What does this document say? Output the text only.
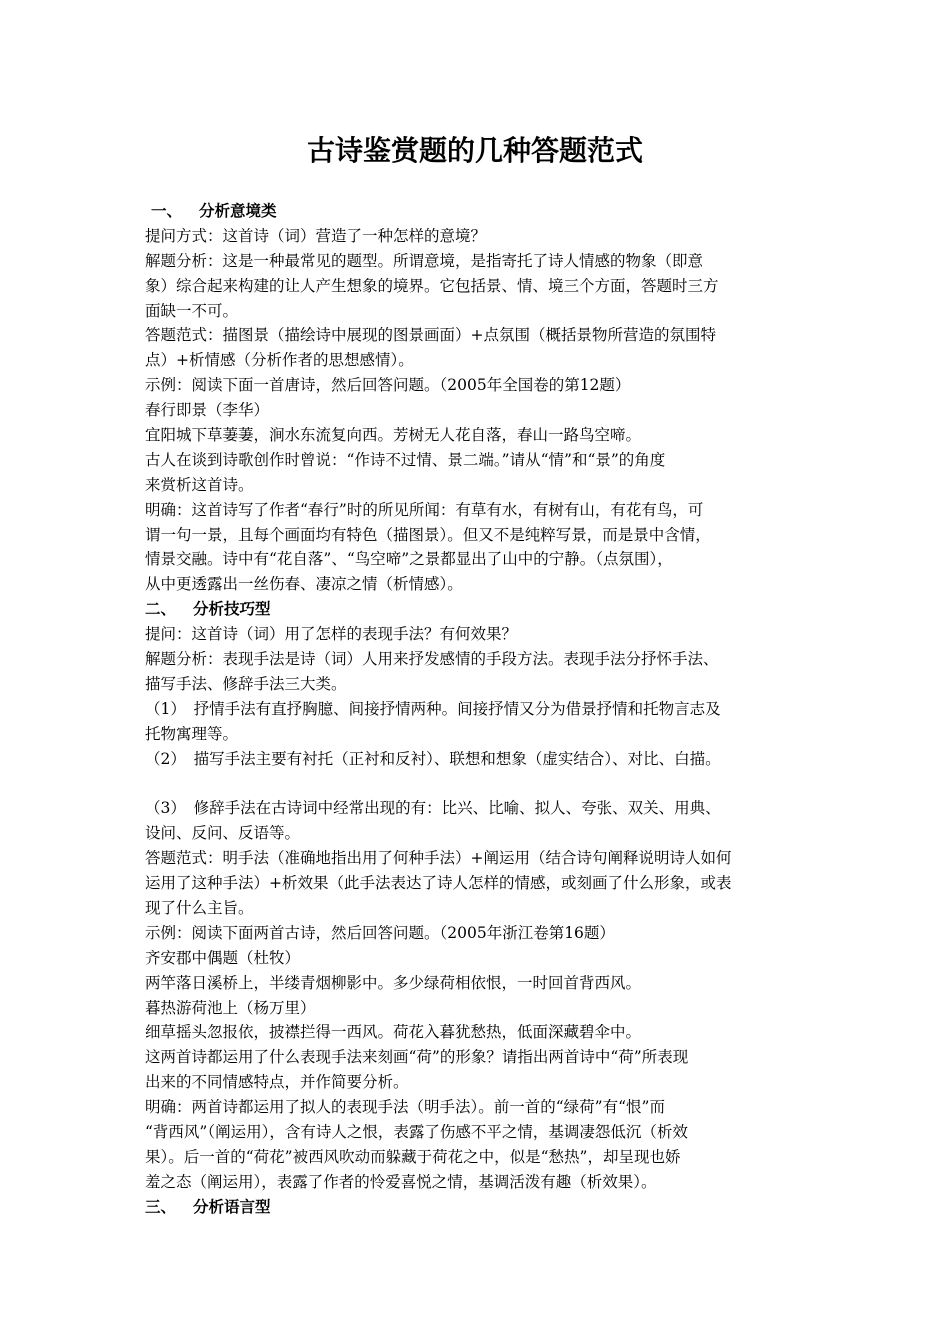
古诗鉴赏题的几种答题范式
一、 分析意境类
提问方式：这首诗（词）营造了一种怎样的意境？
解题分析：这是一种最常见的题型。所谓意境，是指寄托了诗人情感的物象（即意
象）综合起来构建的让人产生想象的境界。它包括景、情、境三个方面，答题时三方
面缺一不可。
答题范式：描图景（描绘诗中展现的图景画面）+点氛围（概括景物所营造的氛围特
点）+析情感（分析作者的思想感情）。
示例：阅读下面一首唐诗，然后回答问题。（2005年全国卷的第12题）
春行即景（李华）
宜阳城下草萋萋，涧水东流复向西。芳树无人花自落，春山一路鸟空啼。
古人在谈到诗歌创作时曾说：“作诗不过情、景二端。”请从“情”和“景”的角度
来赏析这首诗。
明确：这首诗写了作者“春行”时的所见所闻：有草有水，有树有山，有花有鸟，可
谓一句一景，且每个画面均有特色（描图景）。但又不是纯粹写景，而是景中含情，
情景交融。诗中有“花自落”、“鸟空啼”之景都显出了山中的宁静。（点氛围），
从中更透露出一丝伤春、凄凉之情（析情感）。
二、 分析技巧型
提问：这首诗（词）用了怎样的表现手法？有何效果？
解题分析：表现手法是诗（词）人用来抒发感情的手段方法。表现手法分抒怀手法、
描写手法、修辞手法三大类。
（1）　抒情手法有直抒胸臆、间接抒情两种。间接抒情又分为借景抒情和托物言志及
托物寓理等。
（2）　描写手法主要有衬托（正衬和反衬）、联想和想象（虚实结合）、对比、白描。
（3）　修辞手法在古诗词中经常出现的有：比兴、比喻、拟人、夸张、双关、用典、
设问、反问、反语等。
答题范式：明手法（准确地指出用了何种手法）+阐运用（结合诗句阐释说明诗人如何
运用了这种手法）+析效果（此手法表达了诗人怎样的情感，或刻画了什么形象，或表
现了什么主旨。
示例：阅读下面两首古诗，然后回答问题。（2005年浙江卷第16题）
齐安郡中偶题（杜牧）
两竿落日溪桥上，半缕青烟柳影中。多少绿荷相依恨，一时回首背西风。
暮热游荷池上（杨万里）
细草摇头忽报依，披襟拦得一西风。荷花入暮犹愁热，低面深藏碧伞中。
这两首诗都运用了什么表现手法来刻画“荷”的形象？请指出两首诗中“荷”所表现
出来的不同情感特点，并作简要分析。
明确：两首诗都运用了拟人的表现手法（明手法）。前一首的“绿荷”有“恨”而
“背西风”（阐运用），含有诗人之恨，表露了伤感不平之情，基调凄怨低沉（析效
果）。后一首的“荷花”被西风吹动而躲藏于荷花之中，似是“愁热”，却呈现也娇
羞之态（阐运用），表露了作者的怜爱喜悦之情，基调活泼有趣（析效果）。
三、 分析语言型
